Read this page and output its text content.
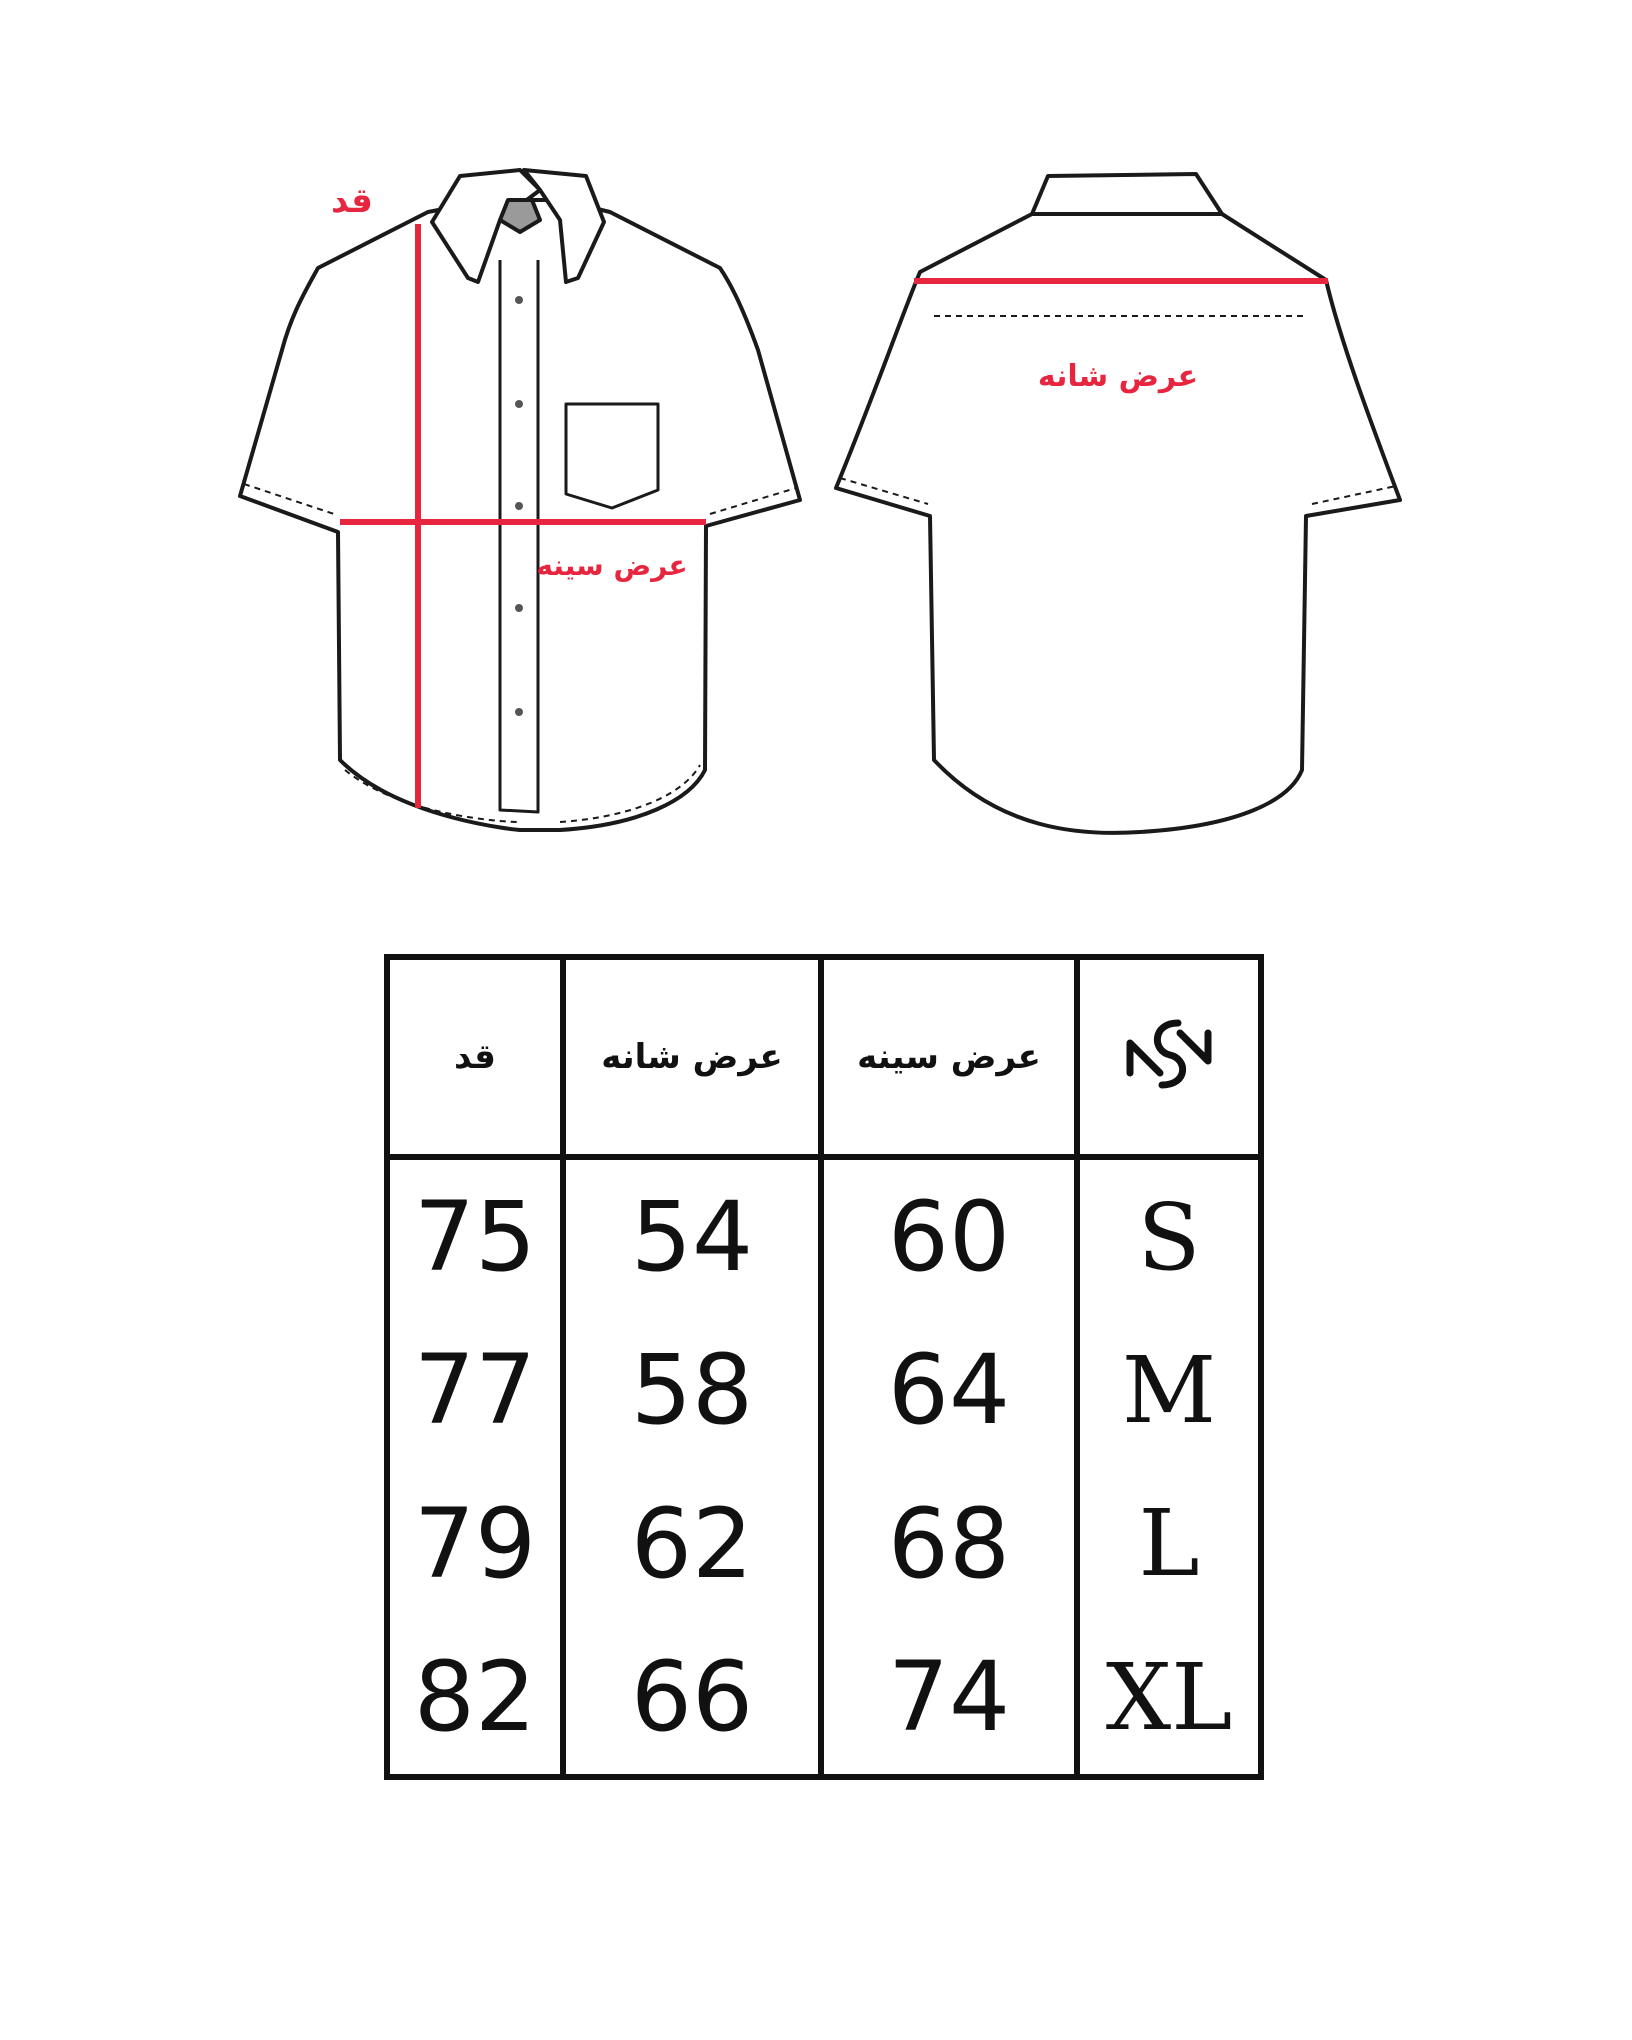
قد
عرض سینه
عرض شانه
قد	عرض شانه	عرض سینه	
75	54	60	S
77	58	64	M
79	62	68	L
82	66	74	XL
